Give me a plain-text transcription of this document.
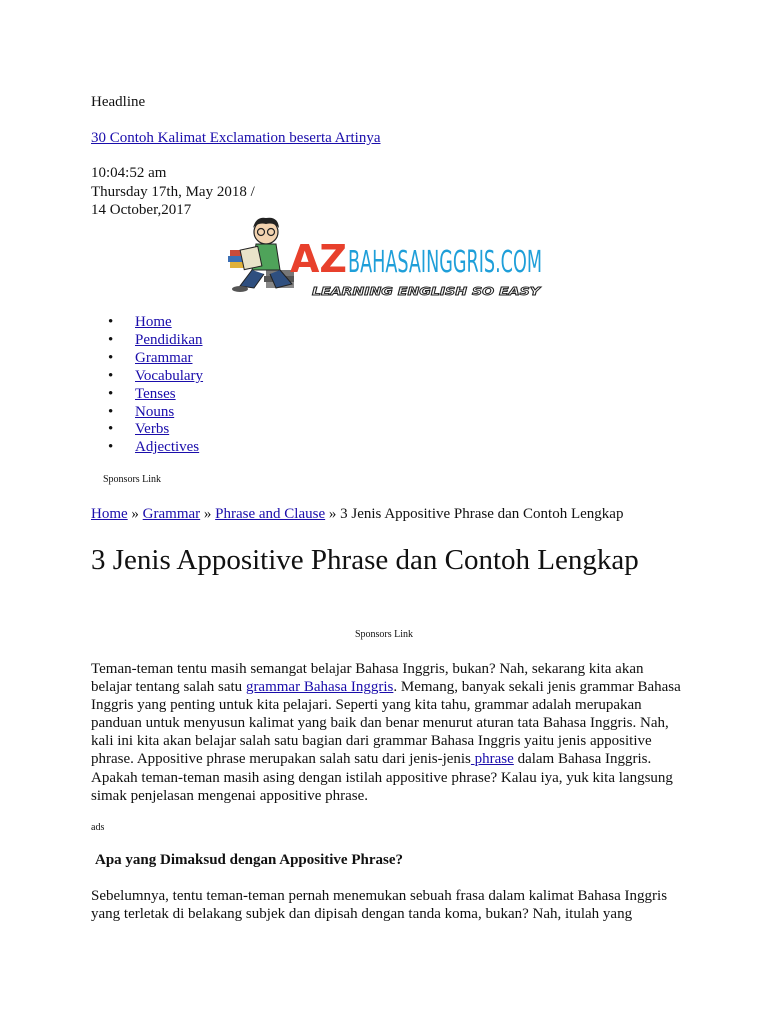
Headline
30 Contoh Kalimat Exclamation beserta Artinya
10:04:52 am
Thursday 17th, May 2018 /
14 October,2017
AZ BAHASAINGGRIS.COM
LEARNING ENGLISH SO EASY
• Home
• Pendidikan
• Grammar
• Vocabulary
• Tenses
• Nouns
• Verbs
• Adjectives
Sponsors Link
Home » Grammar » Phrase and Clause » 3 Jenis Appositive Phrase dan Contoh Lengkap
3 Jenis Appositive Phrase dan Contoh Lengkap
Sponsors Link

Teman-teman tentu masih semangat belajar Bahasa Inggris, bukan? Nah, sekarang kita akan belajar tentang salah satu grammar Bahasa Inggris. Memang, banyak sekali jenis grammar Bahasa Inggris yang penting untuk kita pelajari. Seperti yang kita tahu, grammar adalah merupakan panduan untuk menyusun kalimat yang baik dan benar menurut aturan tata Bahasa Inggris. Nah, kali ini kita akan belajar salah satu bagian dari grammar Bahasa Inggris yaitu jenis appositive phrase. Appositive phrase merupakan salah satu dari jenis-jenis phrase dalam Bahasa Inggris. Apakah teman-teman masih asing dengan istilah appositive phrase? Kalau iya, yuk kita langsung simak penjelasan mengenai appositive phrase.

ads
Apa yang Dimaksud dengan Appositive Phrase?

Sebelumnya, tentu teman-teman pernah menemukan sebuah frasa dalam kalimat Bahasa Inggris yang terletak di belakang subjek dan dipisah dengan tanda koma, bukan? Nah, itulah yang
